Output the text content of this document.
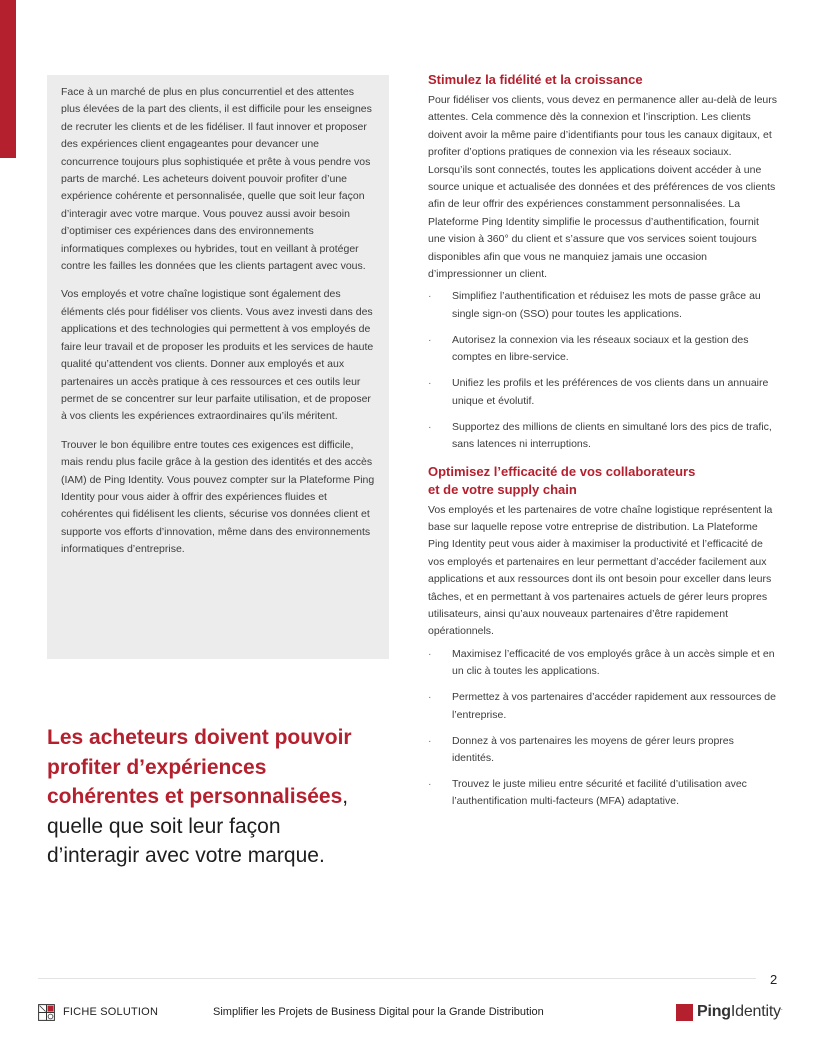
Face à un marché de plus en plus concurrentiel et des attentes plus élevées de la part des clients, il est difficile pour les enseignes de recruter les clients et de les fidéliser. Il faut innover et proposer des expériences client engageantes pour devancer une concurrence toujours plus sophistiquée et prête à vous pendre vos parts de marché. Les acheteurs doivent pouvoir profiter d’une expérience cohérente et personnalisée, quelle que soit leur façon d’interagir avec votre marque. Vous pouvez aussi avoir besoin d’optimiser ces expériences dans des environnements informatiques complexes ou hybrides, tout en veillant à protéger contre les failles les données que les clients partagent avec vous.

Vos employés et votre chaîne logistique sont également des éléments clés pour fidéliser vos clients. Vous avez investi dans des applications et des technologies qui permettent à vos employés de faire leur travail et de proposer les produits et les services de haute qualité qu’attendent vos clients. Donner aux employés et aux partenaires un accès pratique à ces ressources et ces outils leur permet de se concentrer sur leur parfaite utilisation, et de proposer à vos clients les expériences extraordinaires qu’ils méritent.

Trouver le bon équilibre entre toutes ces exigences est difficile, mais rendu plus facile grâce à la gestion des identités et des accès (IAM) de Ping Identity. Vous pouvez compter sur la Plateforme Ping Identity pour vous aider à offrir des expériences fluides et cohérentes qui fidélisent les clients, sécurise vos données client et supporte vos efforts d’innovation, même dans des environnements informatiques d’entreprise.

Les acheteurs doivent pouvoir profiter d’expériences cohérentes et personnalisées, quelle que soit leur façon d’interagir avec votre marque.
Stimulez la fidélité et la croissance

Pour fidéliser vos clients, vous devez en permanence aller au-delà de leurs attentes. Cela commence dès la connexion et l’inscription. Les clients doivent avoir la même paire d’identifiants pour tous les canaux digitaux, et profiter d’options pratiques de connexion via les réseaux sociaux. Lorsqu’ils sont connectés, toutes les applications doivent accéder à une source unique et actualisée des données et des préférences de vos clients afin de leur offrir des expériences constamment personnalisées. La Plateforme Ping Identity simplifie le processus d’authentification, fournit une vision à 360° du client et s’assure que vos services soient toujours disponibles afin que vous ne manquiez jamais une occasion d’impressionner un client.

·	Simplifiez l’authentification et réduisez les mots de passe grâce au single sign-on (SSO) pour toutes les applications.
·	Autorisez la connexion via les réseaux sociaux et la gestion des comptes en libre-service.
·	Unifiez les profils et les préférences de vos clients dans un annuaire unique et évolutif.
·	Supportez des millions de clients en simultané lors des pics de trafic, sans latences ni interruptions.
Optimisez l’efficacité de vos collaborateurs
et de votre supply chain

Vos employés et les partenaires de votre chaîne logistique représentent la base sur laquelle repose votre entreprise de distribution. La Plateforme Ping Identity peut vous aider à maximiser la productivité et l’efficacité de vos employés et partenaires en leur permettant d’accéder facilement aux applications et aux ressources dont ils ont besoin pour exceller dans leurs tâches, et en permettant à vos partenaires actuels de gérer leurs propres utilisateurs, ainsi qu’aux nouveaux partenaires d’être rapidement opérationnels.

·	Maximisez l’efficacité de vos employés grâce à un accès simple et en un clic à toutes les applications.
·	Permettez à vos partenaires d’accéder rapidement aux ressources de l’entreprise.
·	Donnez à vos partenaires les moyens de gérer leurs propres identités.
·	Trouvez le juste milieu entre sécurité et facilité d’utilisation avec l’authentification multi-facteurs (MFA) adaptative.
2
FICHE SOLUTION	Simplifier les Projets de Business Digital pour la Grande Distribution	PingIdentity.
